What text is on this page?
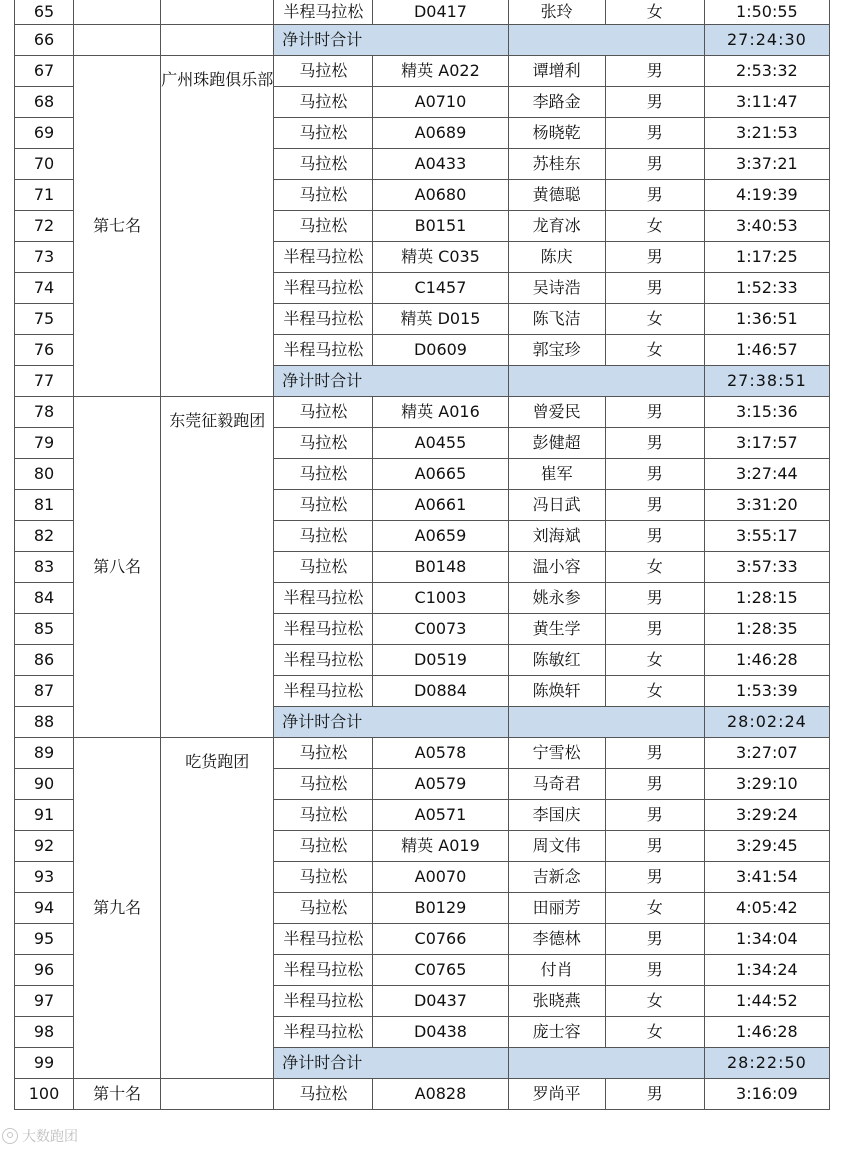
65			半程马拉松	D0417	张玲	女	1:50:55
66			净计时合计				27:24:30
67	第七名	广州珠跑俱乐部	马拉松	精英 A022	谭增利	男	2:53:32
68			马拉松	A0710	李路金	男	3:11:47
69			马拉松	A0689	杨晓乾	男	3:21:53
70			马拉松	A0433	苏桂东	男	3:37:21
71			马拉松	A0680	黄德聪	男	4:19:39
72			马拉松	B0151	龙育冰	女	3:40:53
73			半程马拉松	精英 C035	陈庆	男	1:17:25
74			半程马拉松	C1457	吴诗浩	男	1:52:33
75			半程马拉松	精英 D015	陈飞洁	女	1:36:51
76			半程马拉松	D0609	郭宝珍	女	1:46:57
77			净计时合计				27:38:51
78	第八名	东莞征毅跑团	马拉松	精英 A016	曾爱民	男	3:15:36
79			马拉松	A0455	彭健超	男	3:17:57
80			马拉松	A0665	崔军	男	3:27:44
81			马拉松	A0661	冯日武	男	3:31:20
82			马拉松	A0659	刘海斌	男	3:55:17
83			马拉松	B0148	温小容	女	3:57:33
84			半程马拉松	C1003	姚永参	男	1:28:15
85			半程马拉松	C0073	黄生学	男	1:28:35
86			半程马拉松	D0519	陈敏红	女	1:46:28
87			半程马拉松	D0884	陈焕轩	女	1:53:39
88			净计时合计				28:02:24
89	第九名	吃货跑团	马拉松	A0578	宁雪松	男	3:27:07
90			马拉松	A0579	马奇君	男	3:29:10
91			马拉松	A0571	李国庆	男	3:29:24
92			马拉松	精英 A019	周文伟	男	3:29:45
93			马拉松	A0070	吉新念	男	3:41:54
94			马拉松	B0129	田丽芳	女	4:05:42
95			半程马拉松	C0766	李德林	男	1:34:04
96			半程马拉松	C0765	付肖	男	1:34:24
97			半程马拉松	D0437	张晓燕	女	1:44:52
98			半程马拉松	D0438	庞士容	女	1:46:28
99			净计时合计				28:22:50
100	第十名		马拉松	A0828	罗尚平	男	3:16:09
大数跑团
